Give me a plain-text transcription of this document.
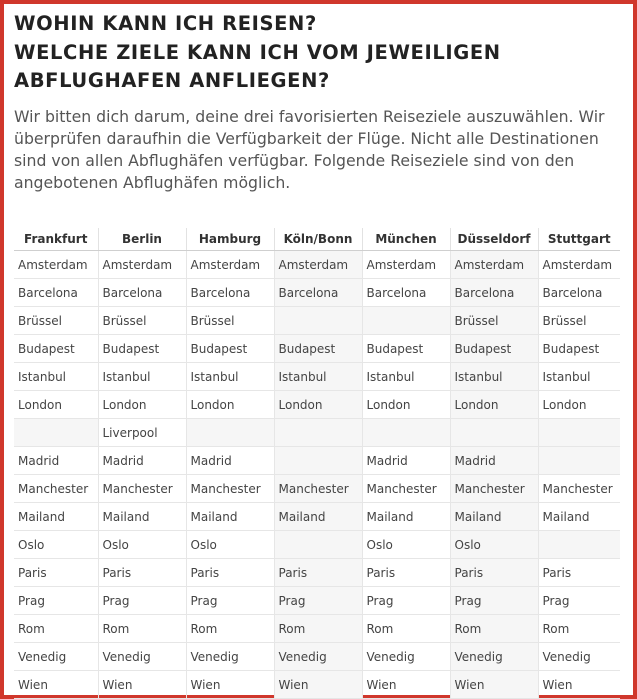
WOHIN KANN ICH REISEN?
WELCHE ZIELE KANN ICH VOM JEWEILIGEN
ABFLUGHAFEN ANFLIEGEN?

Wir bitten dich darum, deine drei favorisierten Reiseziele auszuwählen. Wir überprüfen daraufhin die Verfügbarkeit der Flüge. Nicht alle Destinationen sind von allen Abflughäfen verfügbar. Folgende Reiseziele sind von den angebotenen Abflughäfen möglich.

Frankfurt	Berlin	Hamburg	Köln/Bonn	München	Düsseldorf	Stuttgart
Amsterdam	Amsterdam	Amsterdam	Amsterdam	Amsterdam	Amsterdam	Amsterdam
Barcelona	Barcelona	Barcelona	Barcelona	Barcelona	Barcelona	Barcelona
Brüssel	Brüssel	Brüssel			Brüssel	Brüssel
Budapest	Budapest	Budapest	Budapest	Budapest	Budapest	Budapest
Istanbul	Istanbul	Istanbul	Istanbul	Istanbul	Istanbul	Istanbul
London	London	London	London	London	London	London
	Liverpool					
Madrid	Madrid	Madrid		Madrid	Madrid	
Manchester	Manchester	Manchester	Manchester	Manchester	Manchester	Manchester
Mailand	Mailand	Mailand	Mailand	Mailand	Mailand	Mailand
Oslo	Oslo	Oslo		Oslo	Oslo	
Paris	Paris	Paris	Paris	Paris	Paris	Paris
Prag	Prag	Prag	Prag	Prag	Prag	Prag
Rom	Rom	Rom	Rom	Rom	Rom	Rom
Venedig	Venedig	Venedig	Venedig	Venedig	Venedig	Venedig
Wien	Wien	Wien	Wien	Wien	Wien	Wien
